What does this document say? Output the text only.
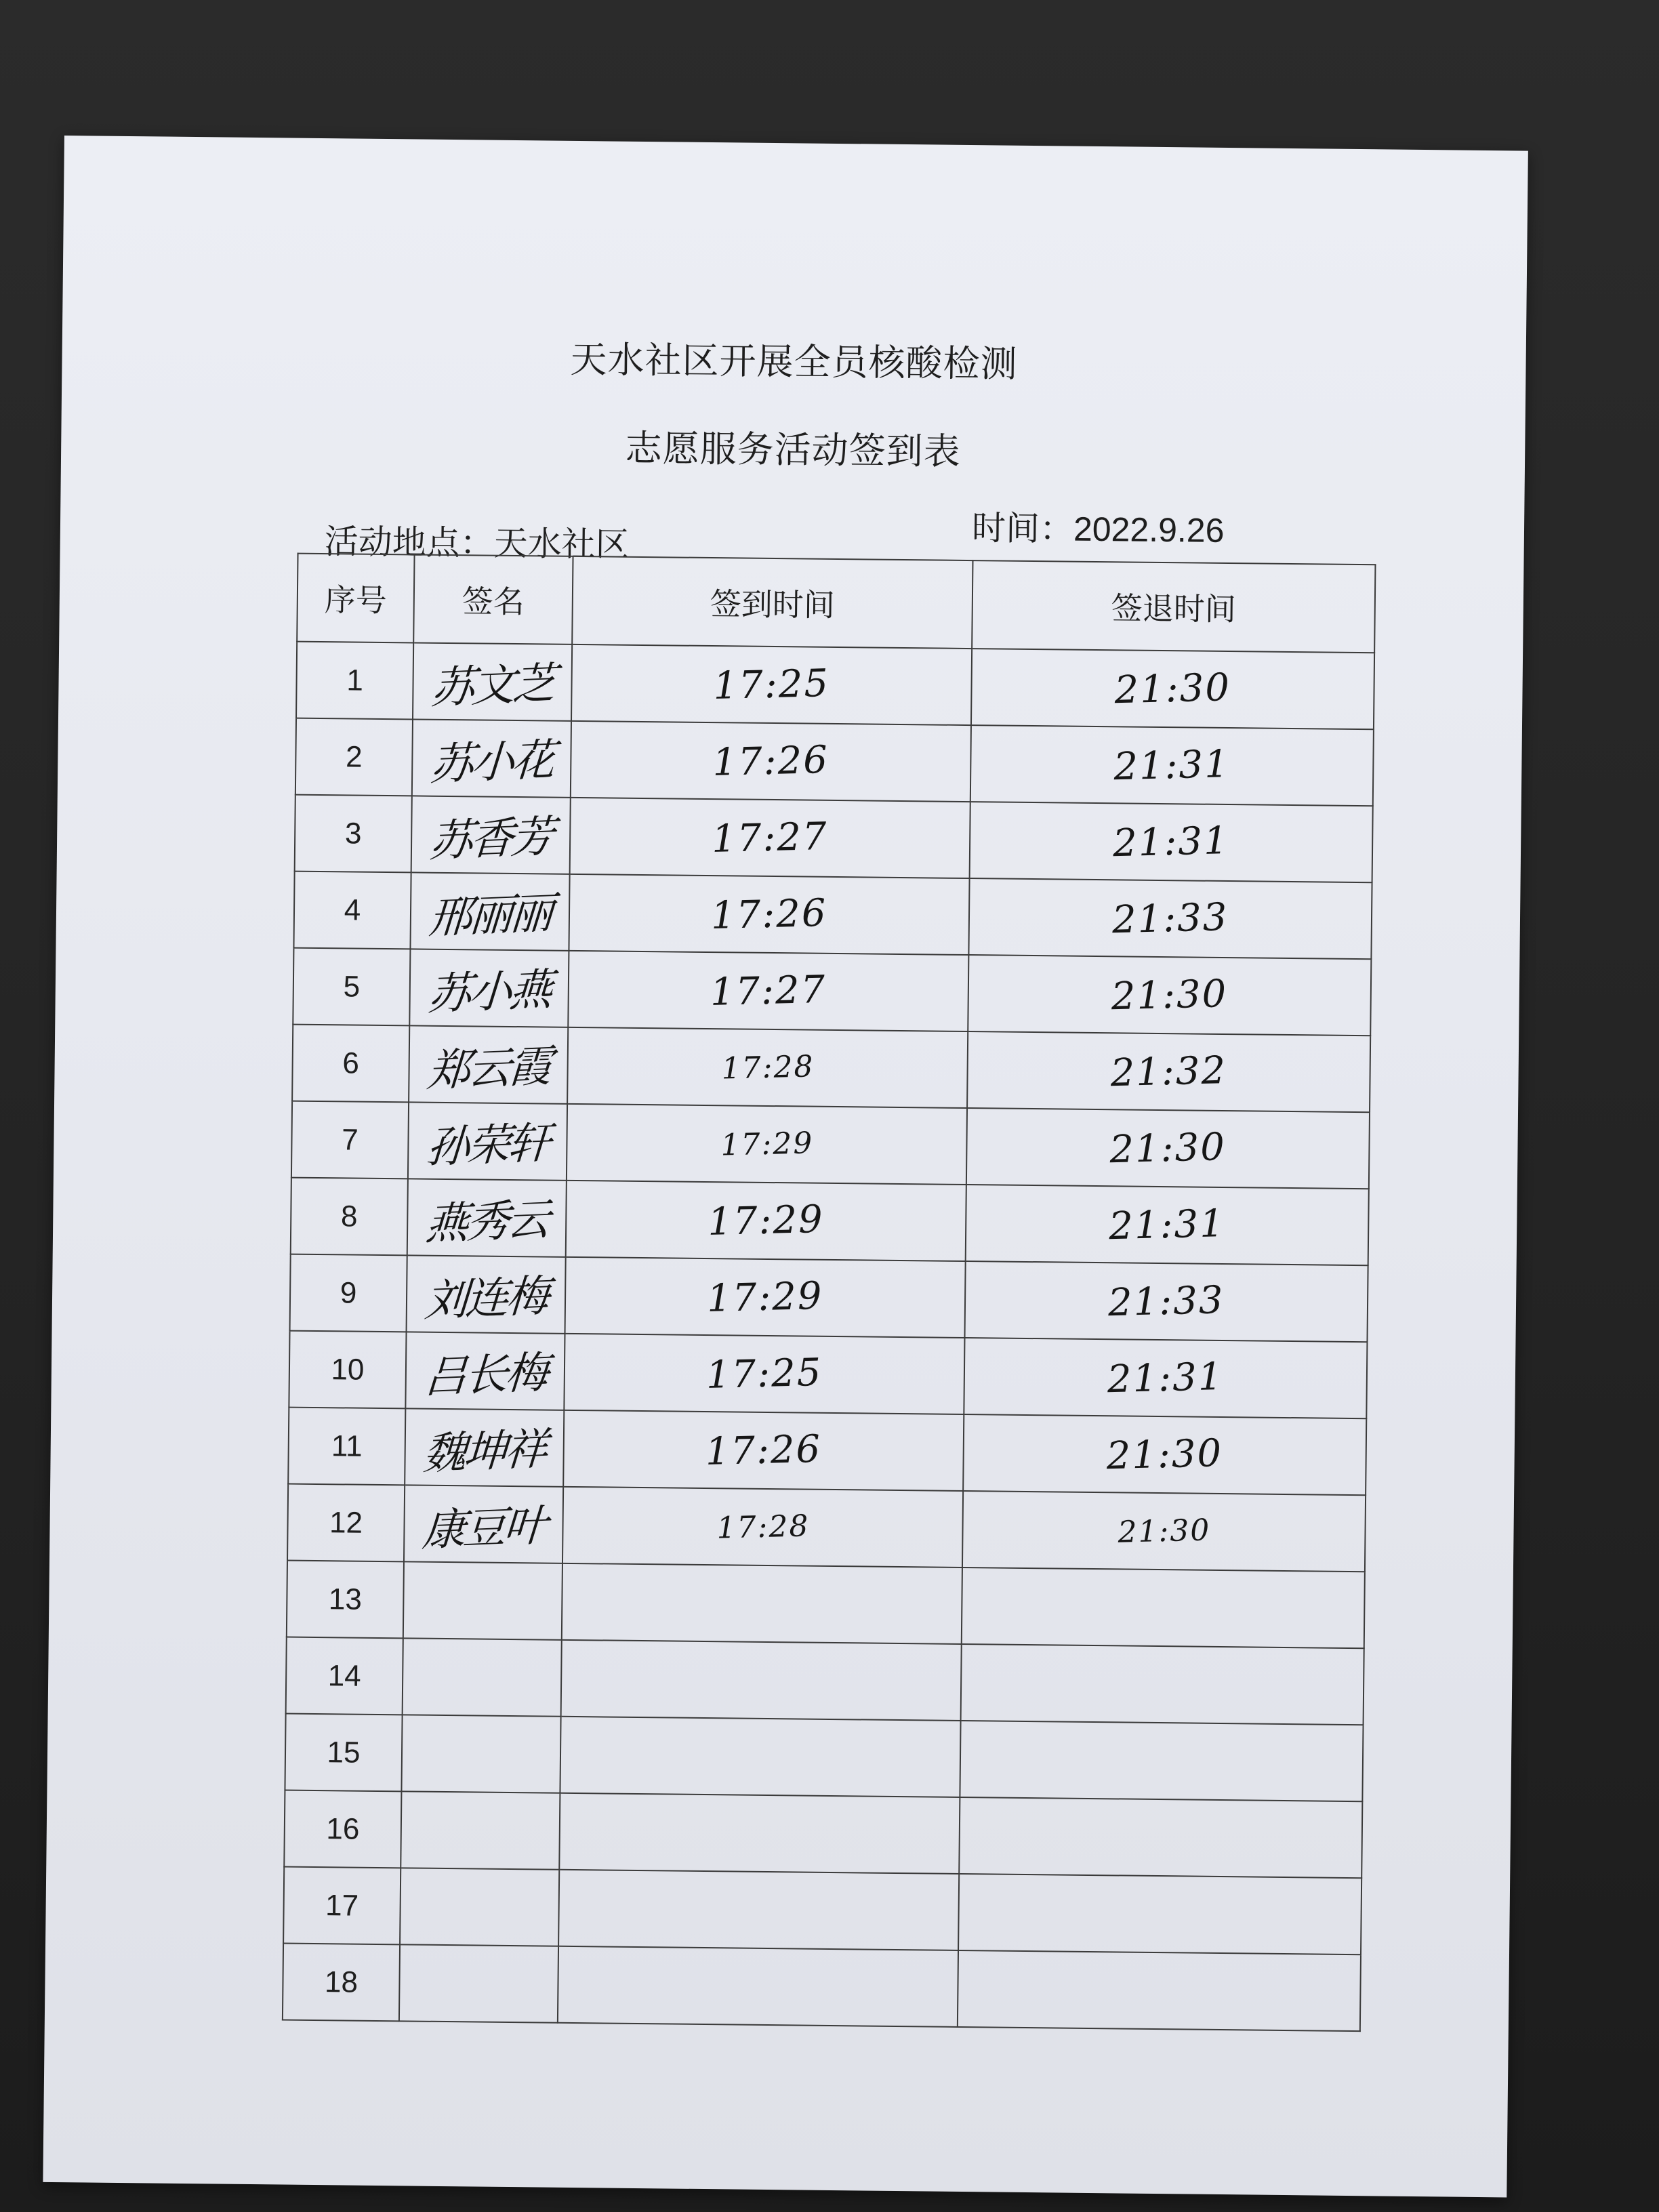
天水社区开展全员核酸检测
志愿服务活动签到表
活动地点：天水社区	时间：2022.9.26
序号	签名	签到时间	签退时间
1	苏文芝	17:25	21:30
2	苏小花	17:26	21:31
3	苏香芳	17:27	21:31
4	邢丽丽	17:26	21:33
5	苏小燕	17:27	21:30
6	郑云霞	17:28	21:32
7	孙荣轩	17:29	21:30
8	燕秀云	17:29	21:31
9	刘连梅	17:29	21:33
10	吕长梅	17:25	21:31
11	魏坤祥	17:26	21:30
12	康豆叶	17:28	21:30
13			
14			
15			
16			
17			
18			
